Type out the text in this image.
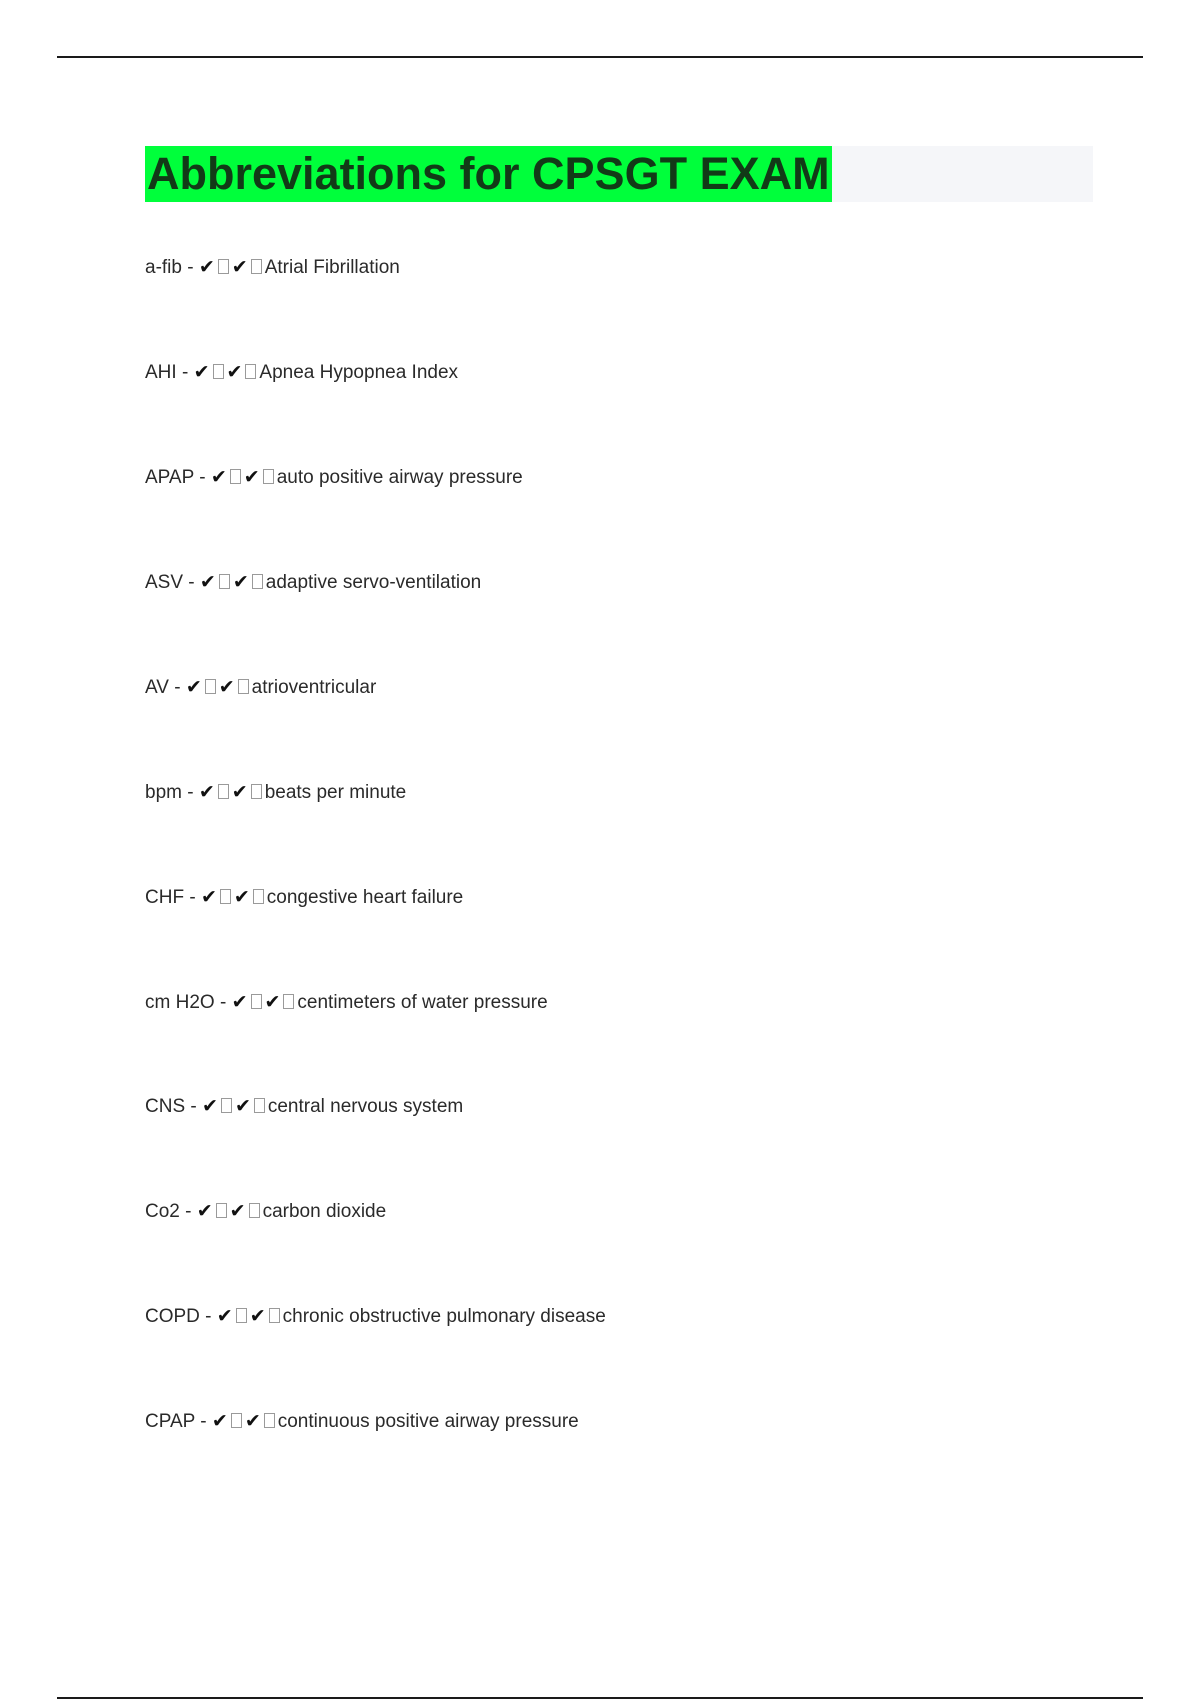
Abbreviations for CPSGT EXAM
a-fib - ✔ ✔ Atrial Fibrillation
AHI - ✔ ✔ Apnea Hypopnea Index
APAP - ✔ ✔ auto positive airway pressure
ASV - ✔ ✔ adaptive servo-ventilation
AV - ✔ ✔ atrioventricular
bpm - ✔ ✔ beats per minute
CHF - ✔ ✔ congestive heart failure
cm H2O - ✔ ✔ centimeters of water pressure
CNS - ✔ ✔ central nervous system
Co2 - ✔ ✔ carbon dioxide
COPD - ✔ ✔ chronic obstructive pulmonary disease
CPAP - ✔ ✔ continuous positive airway pressure
